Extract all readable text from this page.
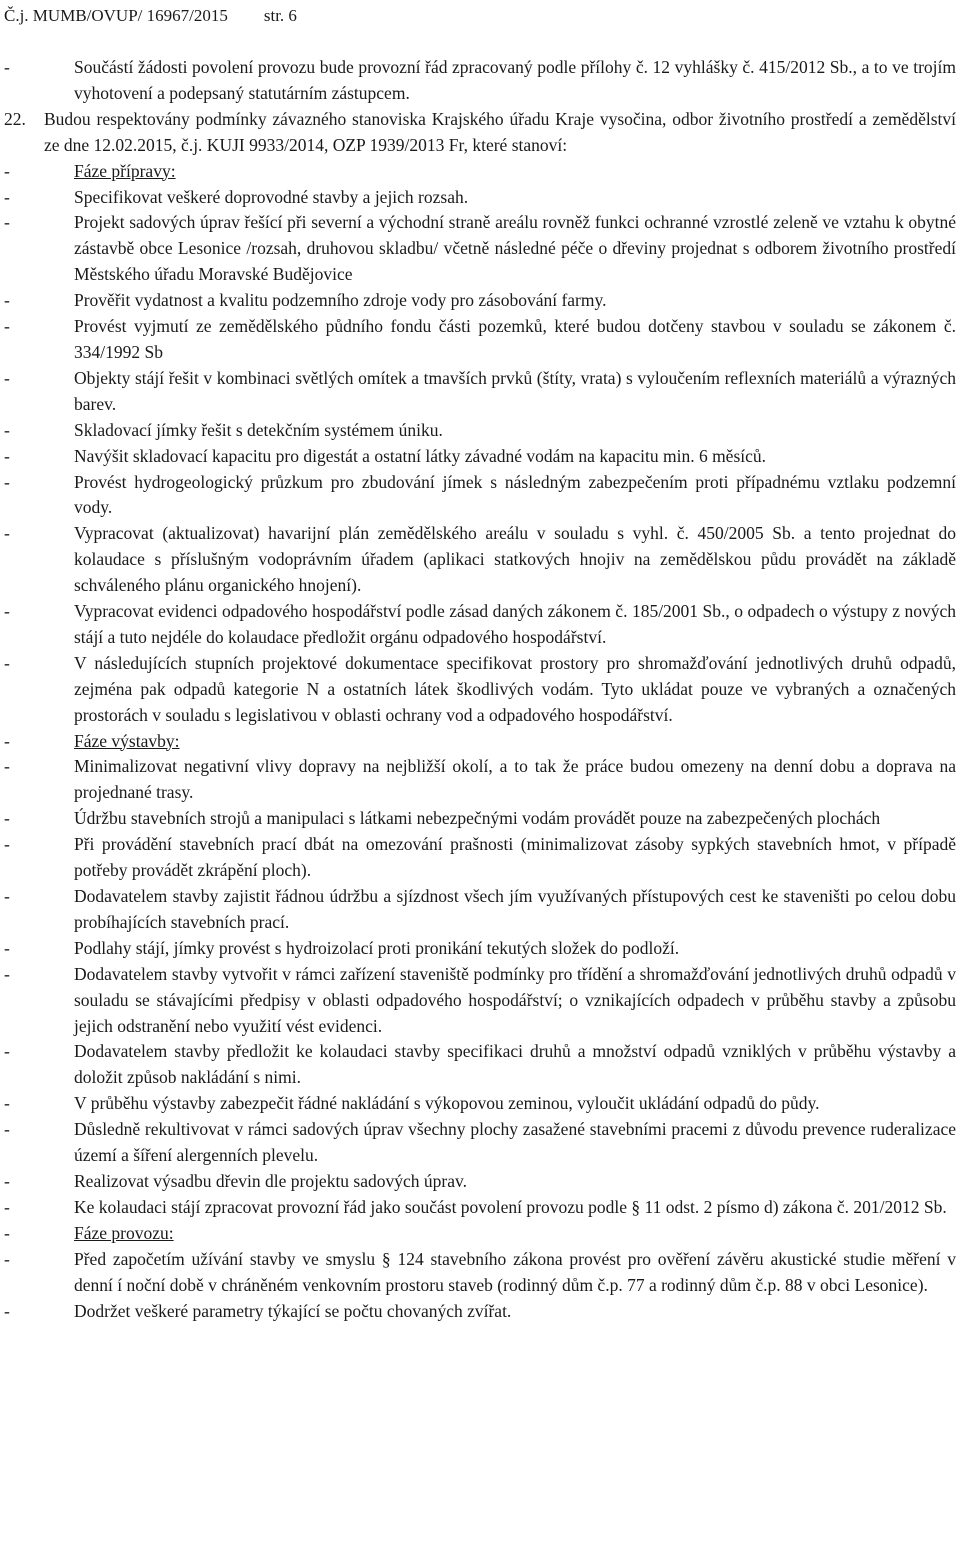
Č.j. MUMB/OVUP/ 16967/2015 str. 6
-	Součástí žádosti povolení provozu bude provozní řád zpracovaný podle přílohy č. 12 vyhlášky č. 415/2012 Sb., a to ve trojím vyhotovení a podepsaný statutárním zástupcem.
22.	Budou respektovány podmínky závazného stanoviska Krajského úřadu Kraje vysočina, odbor životního prostředí a zemědělství ze dne 12.02.2015, č.j. KUJI 9933/2014, OZP 1939/2013 Fr, které stanoví:
-	Fáze přípravy:
-	Specifikovat veškeré doprovodné stavby a jejich rozsah.
-	Projekt sadových úprav řešící při severní a východní straně areálu rovněž funkci ochranné vzrostlé zeleně ve vztahu k obytné zástavbě obce Lesonice /rozsah, druhovou skladbu/ včetně následné péče o dřeviny projednat s odborem životního prostředí Městského úřadu Moravské Budějovice
-	Prověřit vydatnost a kvalitu podzemního zdroje vody pro zásobování farmy.
-	Provést vyjmutí ze zemědělského půdního fondu části pozemků, které budou dotčeny stavbou v souladu se zákonem č. 334/1992 Sb
-	Objekty stájí řešit v kombinaci světlých omítek a tmavších prvků (štíty, vrata) s vyloučením reflexních materiálů a výrazných barev.
-	Skladovací jímky řešit s detekčním systémem úniku.
-	Navýšit skladovací kapacitu pro digestát a ostatní látky závadné vodám na kapacitu min. 6 měsíců.
-	Provést hydrogeologický průzkum pro zbudování jímek s následným zabezpečením proti případnému vztlaku podzemní vody.
-	Vypracovat (aktualizovat) havarijní plán zemědělského areálu v souladu s vyhl. č. 450/2005 Sb. a tento projednat do kolaudace s příslušným vodoprávním úřadem (aplikaci statkových hnojiv na zemědělskou půdu provádět na základě schváleného plánu organického hnojení).
-	Vypracovat evidenci odpadového hospodářství podle zásad daných zákonem č. 185/2001 Sb., o odpadech o výstupy z nových stájí a tuto nejdéle do kolaudace předložit orgánu odpadového hospodářství.
-	V následujících stupních projektové dokumentace specifikovat prostory pro shromažďování jednotlivých druhů odpadů, zejména pak odpadů kategorie N a ostatních látek škodlivých vodám. Tyto ukládat pouze ve vybraných a označených prostorách v souladu s legislativou v oblasti ochrany vod a odpadového hospodářství.
-	Fáze výstavby:
-	Minimalizovat negativní vlivy dopravy na nejbližší okolí, a to tak že práce budou omezeny na denní dobu a doprava na projednané trasy.
-	Údržbu stavebních strojů a manipulaci s látkami nebezpečnými vodám provádět pouze na zabezpečených plochách
-	Při provádění stavebních prací dbát na omezování prašnosti (minimalizovat zásoby sypkých stavebních hmot, v případě potřeby provádět zkrápění ploch).
-	Dodavatelem stavby zajistit řádnou údržbu a sjízdnost všech jím využívaných přístupových cest ke staveništi po celou dobu probíhajících stavebních prací.
-	Podlahy stájí, jímky provést s hydroizolací proti pronikání tekutých složek do podloží.
-	Dodavatelem stavby vytvořit v rámci zařízení staveniště podmínky pro třídění a shromažďování jednotlivých druhů odpadů v souladu se stávajícími předpisy v oblasti odpadového hospodářství; o vznikajících odpadech v průběhu stavby a způsobu jejich odstranění nebo využití vést evidenci.
-	Dodavatelem stavby předložit ke kolaudaci stavby specifikaci druhů a množství odpadů vzniklých v průběhu výstavby a doložit způsob nakládání s nimi.
-	V průběhu výstavby zabezpečit řádné nakládání s výkopovou zeminou, vyloučit ukládání odpadů do půdy.
-	Důsledně rekultivovat v rámci sadových úprav všechny plochy zasažené stavebními pracemi z důvodu prevence ruderalizace území a šíření alergenních plevelu.
-	Realizovat výsadbu dřevin dle projektu sadových úprav.
-	Ke kolaudaci stájí zpracovat provozní řád jako součást povolení provozu podle § 11 odst. 2 písmo d) zákona č. 201/2012 Sb.
-	Fáze provozu:
-	Před započetím užívání stavby ve smyslu § 124 stavebního zákona provést pro ověření závěru akustické studie měření v denní í noční době v chráněném venkovním prostoru staveb (rodinný dům č.p. 77 a rodinný dům č.p. 88 v obci Lesonice).
-	Dodržet veškeré parametry týkající se počtu chovaných zvířat.
